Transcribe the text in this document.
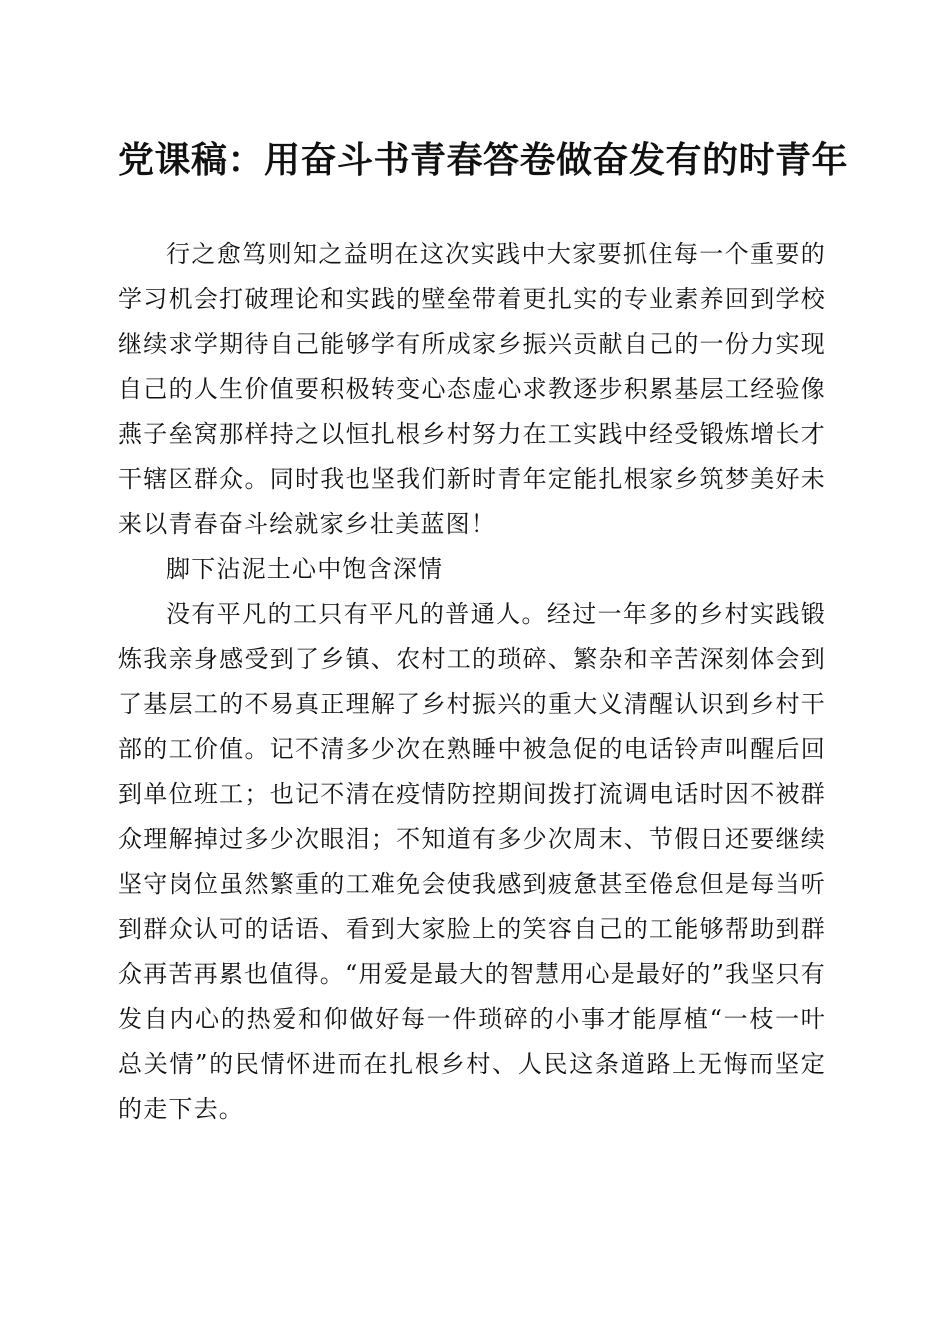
党课稿：用奋斗书青春答卷做奋发有的时青年

行之愈笃则知之益明在这次实践中大家要抓住每一个重要的学习机会打破理论和实践的壁垒带着更扎实的专业素养回到学校继续求学期待自己能够学有所成家乡振兴贡献自己的一份力实现自己的人生价值要积极转变心态虚心求教逐步积累基层工经验像燕子垒窝那样持之以恒扎根乡村努力在工实践中经受锻炼增长才干辖区群众。同时我也坚我们新时青年定能扎根家乡筑梦美好未来以青春奋斗绘就家乡壮美蓝图！

脚下沾泥土心中饱含深情

没有平凡的工只有平凡的普通人。经过一年多的乡村实践锻炼我亲身感受到了乡镇、农村工的琐碎、繁杂和辛苦深刻体会到了基层工的不易真正理解了乡村振兴的重大义清醒认识到乡村干部的工价值。记不清多少次在熟睡中被急促的电话铃声叫醒后回到单位班工；也记不清在疫情防控期间拨打流调电话时因不被群众理解掉过多少次眼泪；不知道有多少次周末、节假日还要继续坚守岗位虽然繁重的工难免会使我感到疲惫甚至倦怠但是每当听到群众认可的话语、看到大家脸上的笑容自己的工能够帮助到群众再苦再累也值得。“用爱是最大的智慧用心是最好的”我坚只有发自内心的热爱和仰做好每一件琐碎的小事才能厚植“一枝一叶总关情”的民情怀进而在扎根乡村、人民这条道路上无悔而坚定的走下去。
